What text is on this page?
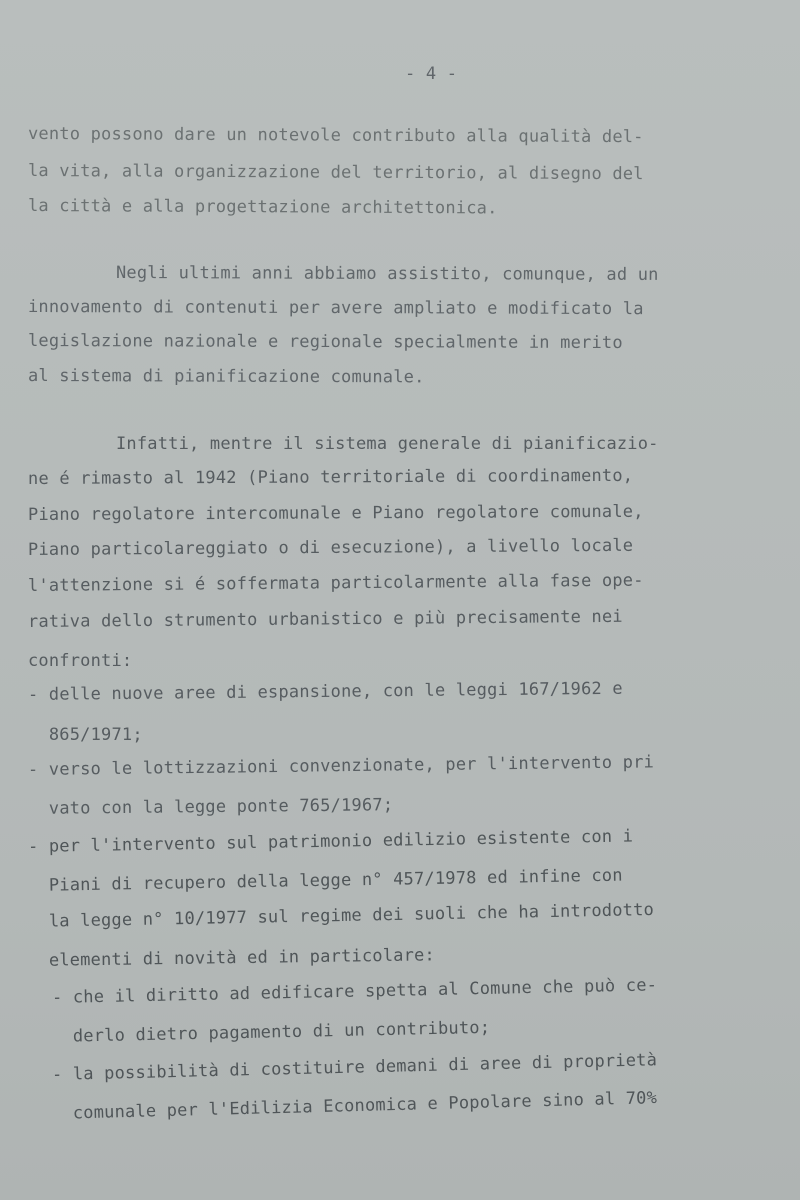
- 4 -
vento possono dare un notevole contributo alla qualità del-
la vita, alla organizzazione del territorio, al disegno del
la città e alla progettazione architettonica.
Negli ultimi anni abbiamo assistito, comunque, ad un
innovamento di contenuti per avere ampliato e modificato la
legislazione nazionale e regionale specialmente in merito
al sistema di pianificazione comunale.
Infatti, mentre il sistema generale di pianificazio-
ne é rimasto al 1942 (Piano territoriale di coordinamento,
Piano regolatore intercomunale e Piano regolatore comunale,
Piano particolareggiato o di esecuzione), a livello locale
l'attenzione si é soffermata particolarmente alla fase ope-
rativa dello strumento urbanistico e più precisamente nei
confronti:
- delle nuove aree di espansione, con le leggi 167/1962 e
865/1971;
- verso le lottizzazioni convenzionate, per l'intervento pri
vato con la legge ponte 765/1967;
- per l'intervento sul patrimonio edilizio esistente con i
Piani di recupero della legge n° 457/1978 ed infine con
la legge n° 10/1977 sul regime dei suoli che ha introdotto
elementi di novità ed in particolare:
- che il diritto ad edificare spetta al Comune che può ce-
derlo dietro pagamento di un contributo;
- la possibilità di costituire demani di aree di proprietà
comunale per l'Edilizia Economica e Popolare sino al 70%
